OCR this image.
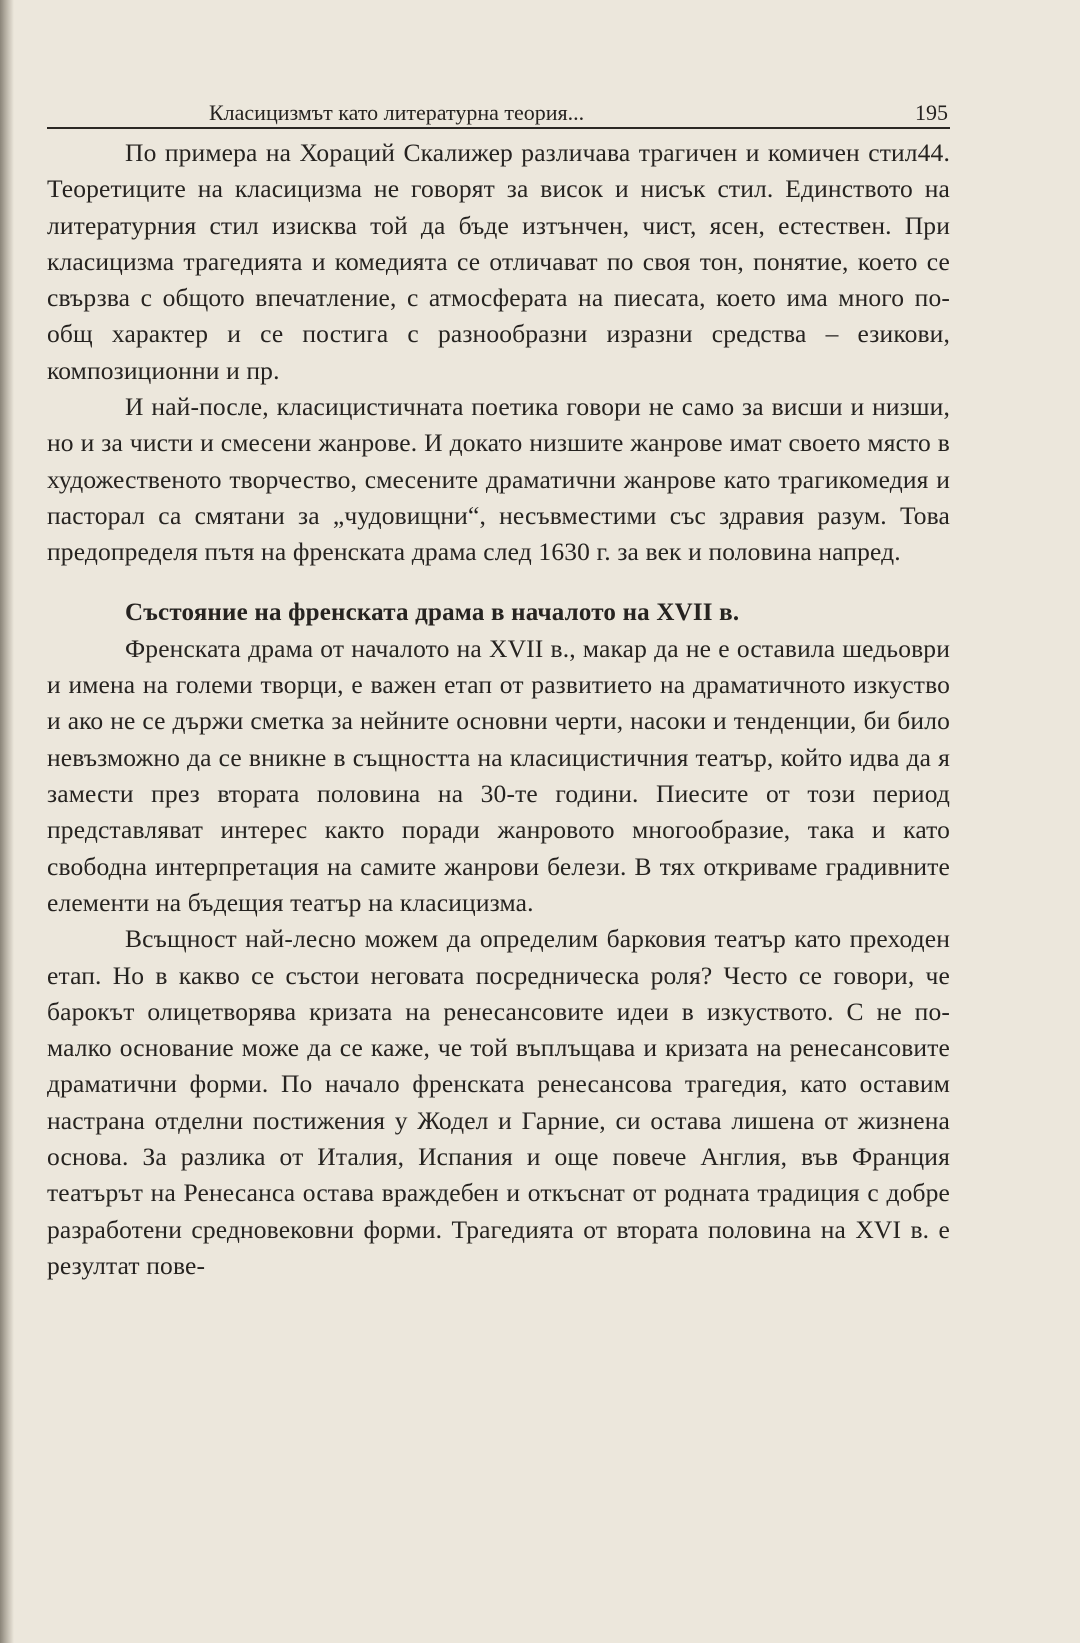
Класицизмът като литературна теория...	195

По примера на Хораций Скалижер различава трагичен и комичен стил44. Теоретиците на класицизма не говорят за висок и нисък стил. Единството на литературния стил изисква той да бъде изтънчен, чист, ясен, естествен. При класицизма трагедията и комедията се отличават по своя тон, понятие, което се свързва с общото впечатление, с атмосферата на пиесата, което има много по-общ характер и се постига с разнообразни изразни средства – езикови, композиционни и пр.

И най-после, класицистичната поетика говори не само за висши и низши, но и за чисти и смесени жанрове. И докато низшите жанрове имат своето място в художественото творчество, смесените драматични жанрове като трагикомедия и пасторал са смятани за „чудовищни“, несъвместими със здравия разум. Това предопределя пътя на френската драма след 1630 г. за век и половина напред.

Състояние на френската драма в началото на XVII в.

Френската драма от началото на XVII в., макар да не е оставила шедьоври и имена на големи творци, е важен етап от развитието на драматичното изкуство и ако не се държи сметка за нейните основни черти, насоки и тенденции, би било невъзможно да се вникне в същността на класицистичния театър, който идва да я замести през втората половина на 30-те години. Пиесите от този период представляват интерес както поради жанровото многообразие, така и като свободна интерпретация на самите жанрови белези. В тях откриваме градивните елементи на бъдещия театър на класицизма.

Всъщност най-лесно можем да определим барковия театър като преходен етап. Но в какво се състои неговата посредническа роля? Често се говори, че барокът олицетворява кризата на ренесансовите идеи в изкуството. С не по-малко основание може да се каже, че той въплъщава и кризата на ренесансовите драматични форми. По начало френската ренесансова трагедия, като оставим настрана отделни постижения у Жодел и Гарние, си остава лишена от жизнена основа. За разлика от Италия, Испания и още повече Англия, във Франция театърът на Ренесанса остава враждебен и откъснат от родната традиция с добре разработени средновековни форми. Трагедията от втората половина на XVI в. е резултат пове-
